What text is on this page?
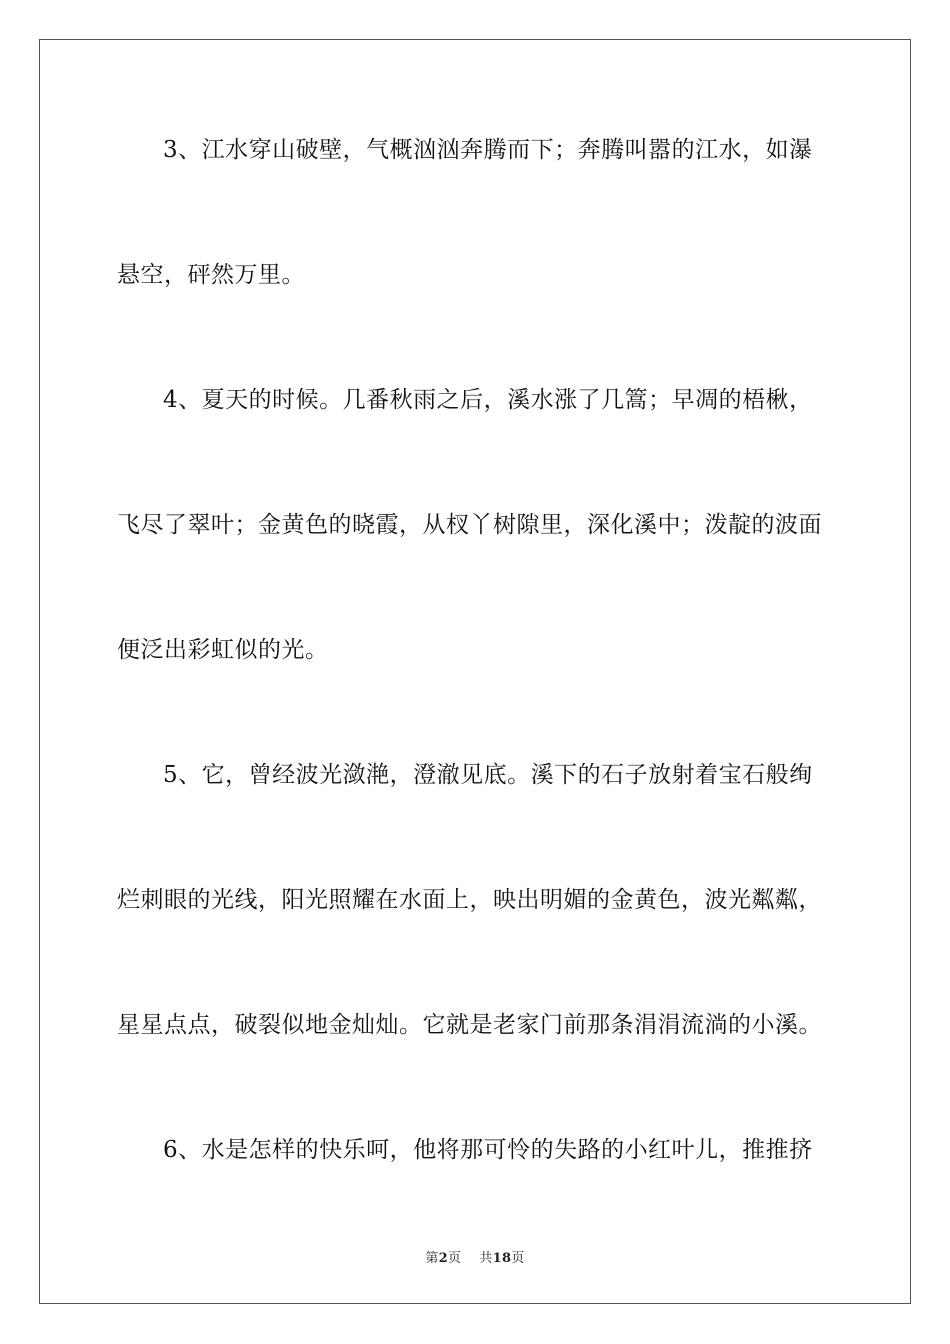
3、江水穿山破壁，气概汹汹奔腾而下；奔腾叫嚣的江水，如瀑
悬空，砰然万里。
4、夏天的时候。几番秋雨之后，溪水涨了几篙；早凋的梧楸，
飞尽了翠叶；金黄色的晓霞，从杈丫树隙里，深化溪中；泼靛的波面
便泛出彩虹似的光。
5、它，曾经波光潋滟，澄澈见底。溪下的石子放射着宝石般绚
烂刺眼的光线，阳光照耀在水面上，映出明媚的金黄色，波光粼粼，
星星点点，破裂似地金灿灿。它就是老家门前那条涓涓流淌的小溪。
6、水是怎样的快乐呵，他将那可怜的失路的小红叶儿，推推挤
第2页 共18页
